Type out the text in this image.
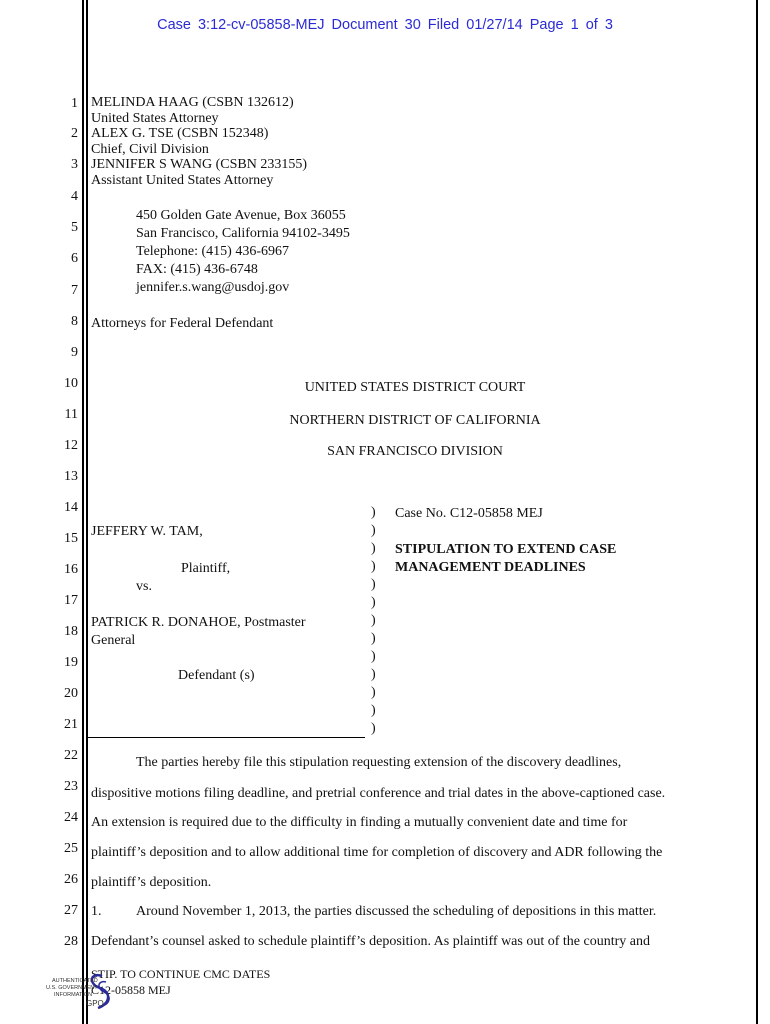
Case 3:12-cv-05858-MEJ Document 30 Filed 01/27/14 Page 1 of 3
1
2
3
4
5
6
7
8
9
10
11
12
13
14
15
16
17
18
19
20
21
22
23
24
25
26
27
28
MELINDA HAAG (CSBN 132612)
United States Attorney
ALEX G. TSE (CSBN 152348)
Chief, Civil Division
JENNIFER S WANG (CSBN 233155)
Assistant United States Attorney
450 Golden Gate Avenue, Box 36055
San Francisco, California 94102-3495
Telephone: (415) 436-6967
FAX: (415) 436-6748
jennifer.s.wang@usdoj.gov
Attorneys for Federal Defendant
UNITED STATES DISTRICT COURT
NORTHERN DISTRICT OF CALIFORNIA
SAN FRANCISCO DIVISION
JEFFERY W. TAM,
Plaintiff,
vs.
PATRICK R. DONAHOE, Postmaster
General
Defendant (s)
Case No. C12-05858 MEJ
STIPULATION TO EXTEND CASE
MANAGEMENT DEADLINES
)
)
)
)
)
)
)
)
)
)
)
)
)
The parties hereby file this stipulation requesting extension of the discovery deadlines,
dispositive motions filing deadline, and pretrial conference and trial dates in the above-captioned case.
An extension is required due to the difficulty in finding a mutually convenient date and time for
plaintiff’s deposition and to allow additional time for completion of discovery and ADR following the
plaintiff’s deposition.
1. Around November 1, 2013, the parties discussed the scheduling of depositions in this matter.
Defendant’s counsel asked to schedule plaintiff’s deposition. As plaintiff was out of the country and
STIP. TO CONTINUE CMC DATES
C12-05858 MEJ
AUTHENTICATED
U.S. GOVERNMENT
INFORMATION
GPO
